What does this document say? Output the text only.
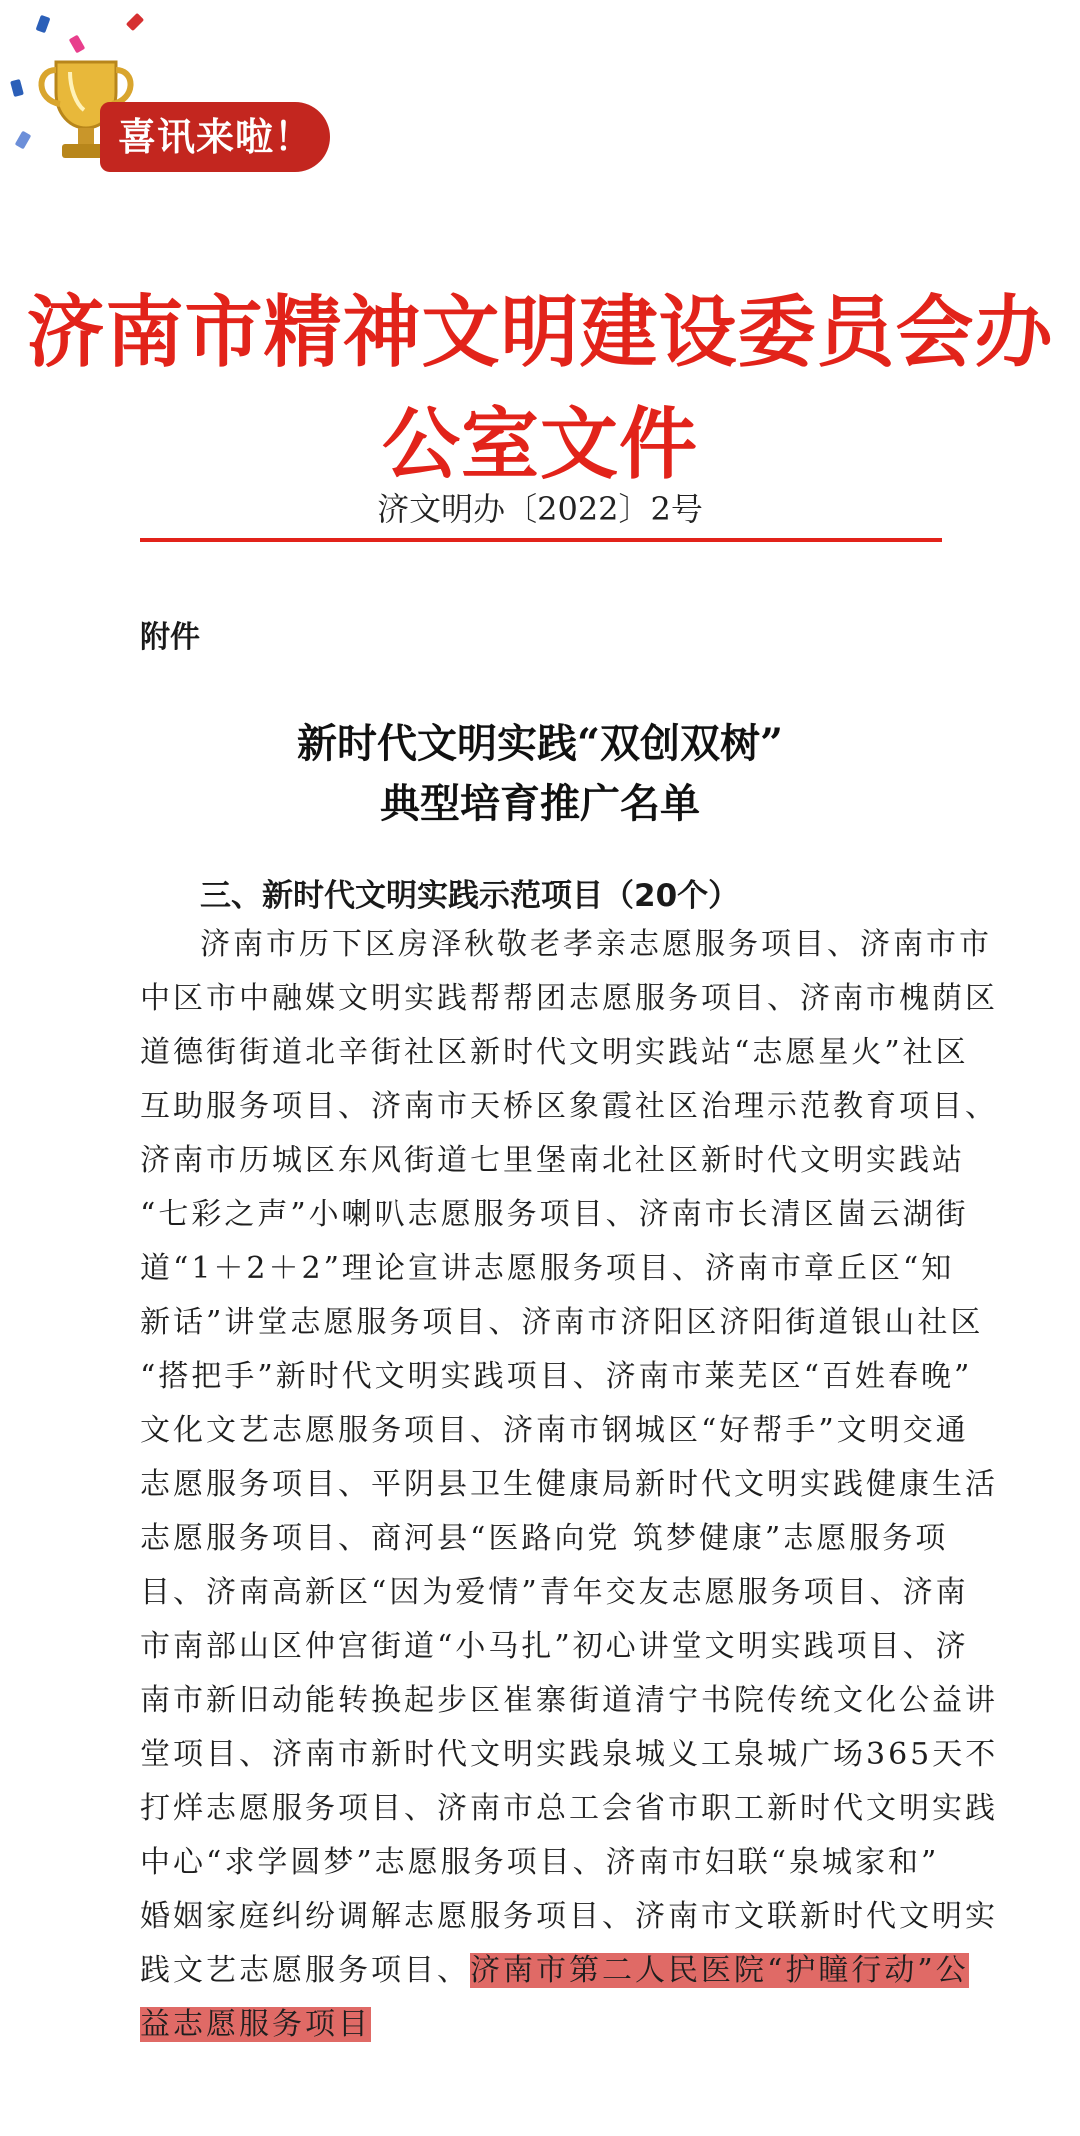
喜讯来啦！
济南市精神文明建设委员会办公室文件
济文明办〔2022〕2号
附件
新时代文明实践“双创双树”
典型培育推广名单
三、新时代文明实践示范项目（20个）
济南市历下区房泽秋敬老孝亲志愿服务项目、济南市市
中区市中融媒文明实践帮帮团志愿服务项目、济南市槐荫区
道德街街道北辛街社区新时代文明实践站“志愿星火”社区
互助服务项目、济南市天桥区象霞社区治理示范教育项目、
济南市历城区东风街道七里堡南北社区新时代文明实践站
“七彩之声”小喇叭志愿服务项目、济南市长清区崮云湖街
道“1＋2＋2”理论宣讲志愿服务项目、济南市章丘区“知
新话”讲堂志愿服务项目、济南市济阳区济阳街道银山社区
“搭把手”新时代文明实践项目、济南市莱芜区“百姓春晚”
文化文艺志愿服务项目、济南市钢城区“好帮手”文明交通
志愿服务项目、平阴县卫生健康局新时代文明实践健康生活
志愿服务项目、商河县“医路向党 筑梦健康”志愿服务项
目、济南高新区“因为爱情”青年交友志愿服务项目、济南
市南部山区仲宫街道“小马扎”初心讲堂文明实践项目、济
南市新旧动能转换起步区崔寨街道清宁书院传统文化公益讲
堂项目、济南市新时代文明实践泉城义工泉城广场365天不
打烊志愿服务项目、济南市总工会省市职工新时代文明实践
中心“求学圆梦”志愿服务项目、济南市妇联“泉城家和”
婚姻家庭纠纷调解志愿服务项目、济南市文联新时代文明实
践文艺志愿服务项目、济南市第二人民医院“护瞳行动”公
益志愿服务项目
